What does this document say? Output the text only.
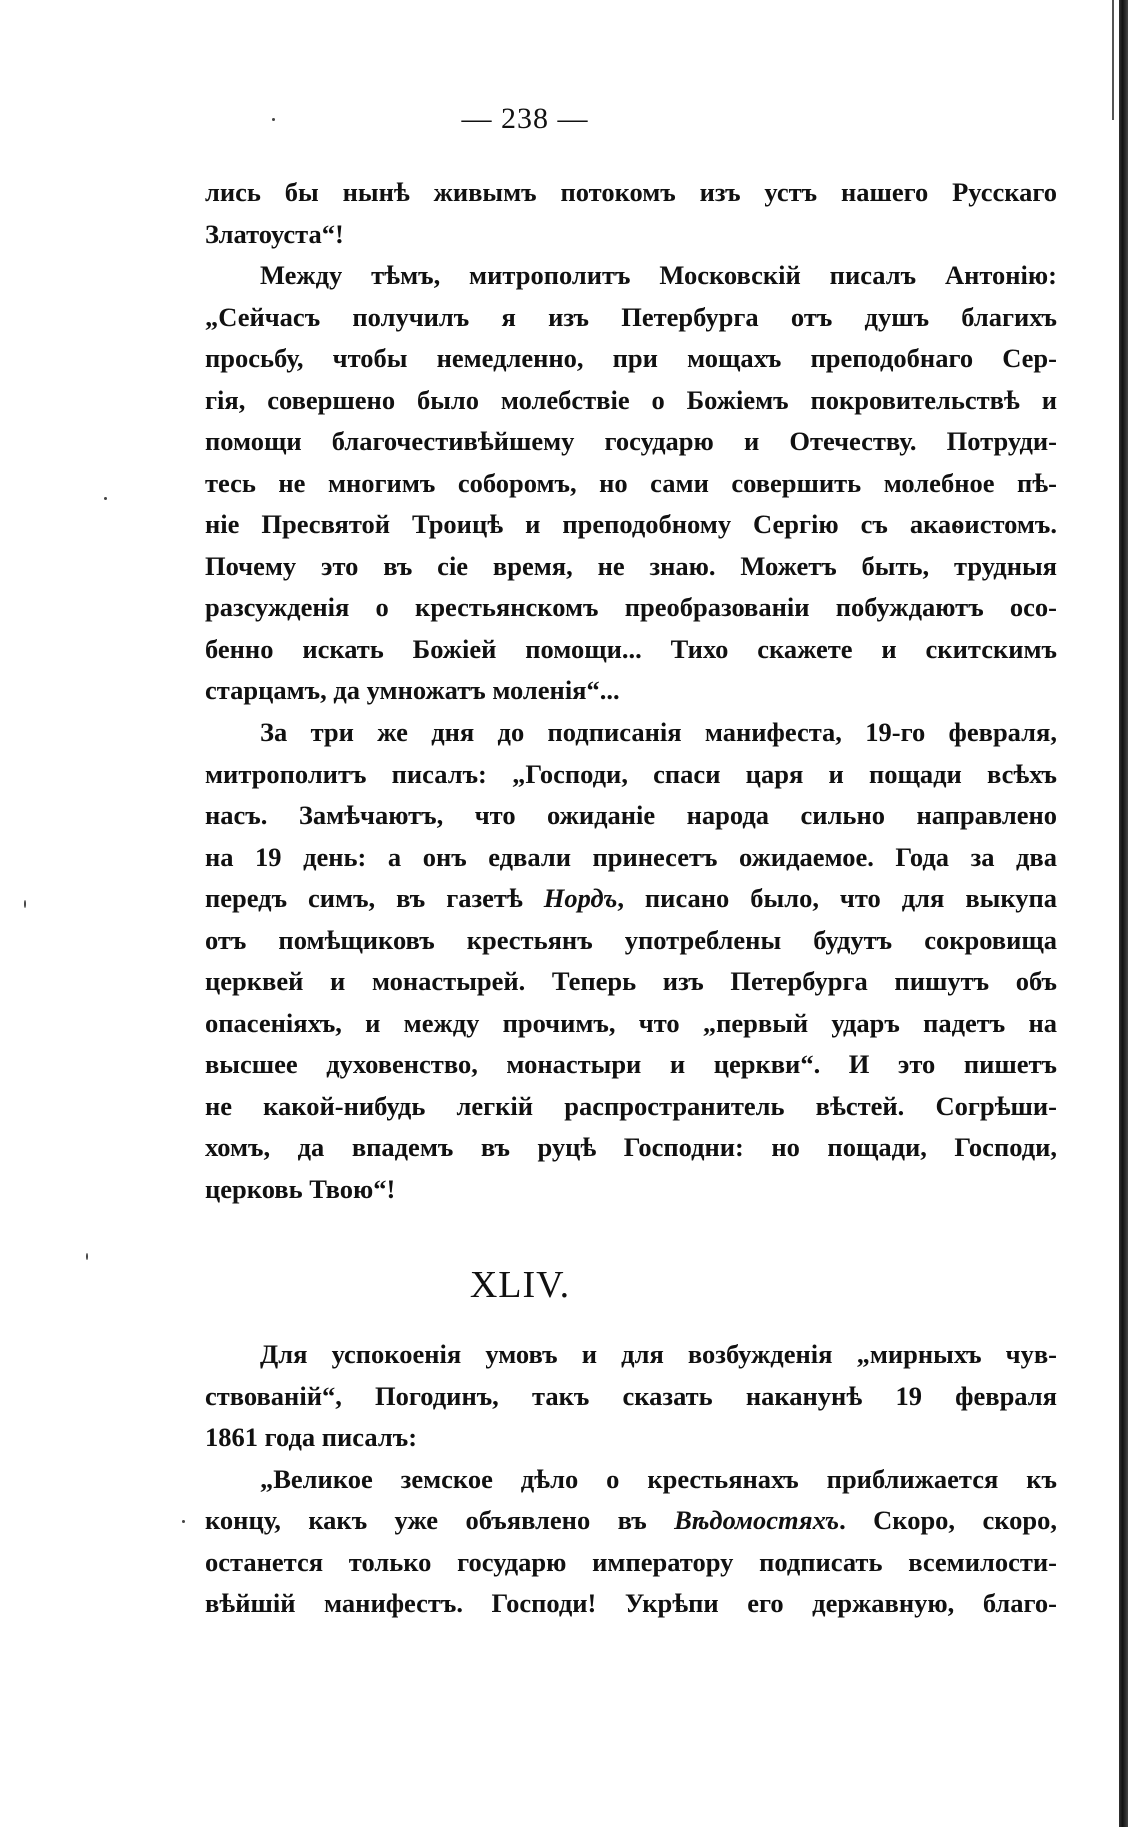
— 238 —
лись бы нынѣ живымъ потокомъ изъ устъ нашего Русскаго
Златоуста“!
Между тѣмъ, митрополитъ Московскій писалъ Антонію:
„Сейчасъ получилъ я изъ Петербурга отъ душъ благихъ
просьбу, чтобы немедленно, при мощахъ преподобнаго Сер-
гія, совершено было молебствіе о Божіемъ покровительствѣ и
помощи благочестивѣйшему государю и Отечеству. Потруди-
тесь не многимъ соборомъ, но сами совершить молебное пѣ-
ніе Пресвятой Троицѣ и преподобному Сергію съ акаѳистомъ.
Почему это въ сіе время, не знаю. Можетъ быть, трудныя
разсужденія о крестьянскомъ преобразованіи побуждаютъ осо-
бенно искать Божіей помощи... Тихо скажете и скитскимъ
старцамъ, да умножатъ моленія“...
За три же дня до подписанія манифеста, 19-го февраля,
митрополитъ писалъ: „Господи, спаси царя и пощади всѣхъ
насъ. Замѣчаютъ, что ожиданіе народа сильно направлено
на 19 день: а онъ едвали принесетъ ожидаемое. Года за два
передъ симъ, въ газетѣ Нордъ, писано было, что для выкупа
отъ помѣщиковъ крестьянъ употреблены будутъ сокровища
церквей и монастырей. Теперь изъ Петербурга пишутъ объ
опасеніяхъ, и между прочимъ, что „первый ударъ падетъ на
высшее духовенство, монастыри и церкви“. И это пишетъ
не какой-нибудь легкій распространитель вѣстей. Согрѣши-
хомъ, да впадемъ въ руцѣ Господни: но пощади, Господи,
церковь Твою“!
XLIV.
Для успокоенія умовъ и для возбужденія „мирныхъ чув-
ствованій“, Погодинъ, такъ сказать наканунѣ 19 февраля
1861 года писалъ:
„Великое земское дѣло о крестьянахъ приближается къ
концу, какъ уже объявлено въ Вѣдомостяхъ. Скоро, скоро,
останется только государю императору подписать всемилости-
вѣйшій манифестъ. Господи! Укрѣпи его державную, благо-
